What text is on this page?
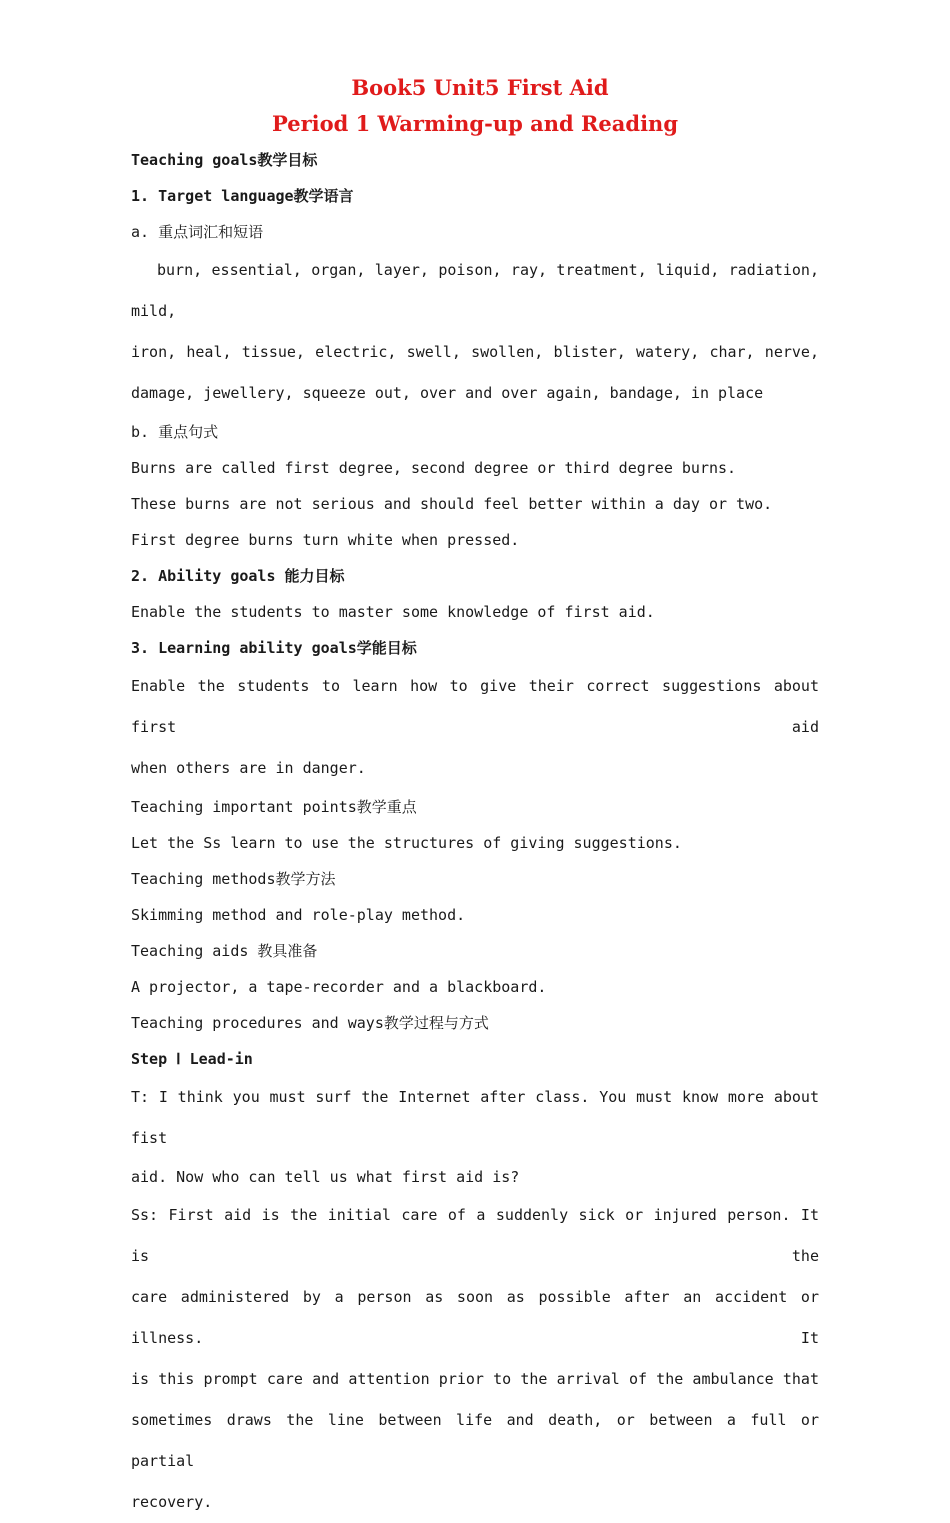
Book5 Unit5 First Aid

Period 1 Warming-up and Reading

Teaching goals教学目标

1. Target language教学语言

a. 重点词汇和短语

burn, essential, organ, layer, poison, ray, treatment, liquid, radiation, mild,

iron, heal, tissue, electric, swell, swollen, blister, watery, char, nerve,

damage, jewellery, squeeze out, over and over again, bandage, in place

b. 重点句式

Burns are called first degree, second degree or third degree burns.

These burns are not serious and should feel better within a day or two.

First degree burns turn white when pressed.

2. Ability goals 能力目标

Enable the students to master some knowledge of first aid.

3. Learning ability goals学能目标

Enable the students to learn how to give their correct suggestions about first aid

when others are in danger.

Teaching important points教学重点

Let the Ss learn to use the structures of giving suggestions.

Teaching methods教学方法

Skimming method and role-play method.

Teaching aids 教具准备

A projector, a tape-recorder and a blackboard.

Teaching procedures and ways教学过程与方式

Step Ⅰ Lead-in

T: I think you must surf the Internet after class. You must know more about fist

aid. Now who can tell us what first aid is?

Ss: First aid is the initial care of a suddenly sick or injured person. It is the

care administered by a person as soon as possible after an accident or illness. It

is this prompt care and attention prior to the arrival of the ambulance that

sometimes draws the line between life and death, or between a full or partial

recovery.
